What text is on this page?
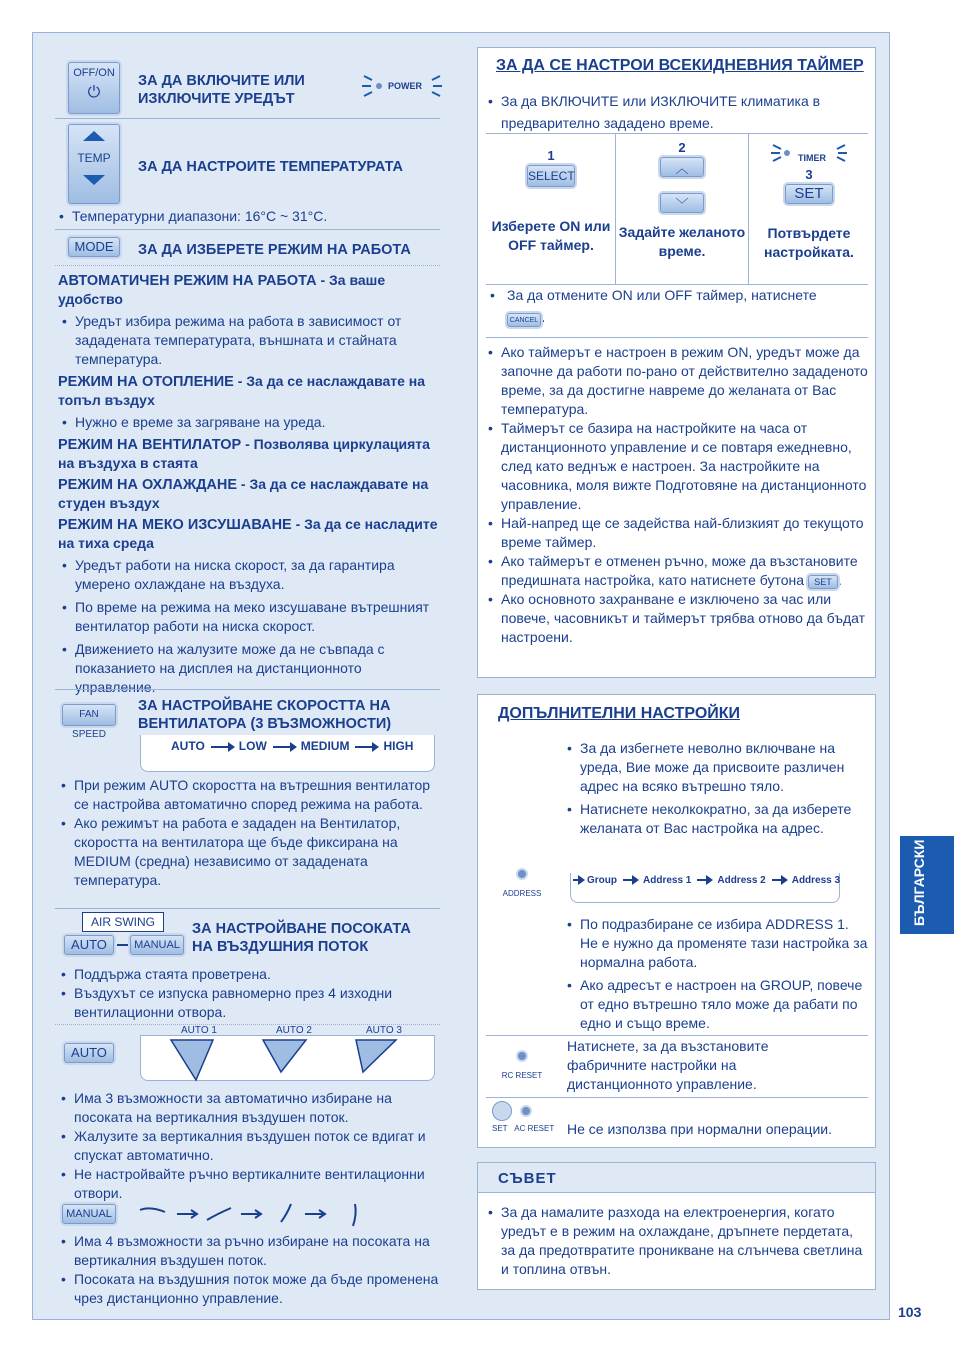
OFF/ON
⏻
ЗА ДА ВКЛЮЧИТЕ ИЛИ ИЗКЛЮЧИТЕ УРЕДЪТ
POWER
TEMP
ЗА ДА НАСТРОИТЕ ТЕМПЕРАТУРАТА
• Температурни диапазони: 16°C ~ 31°C.
MODE	ЗА ДА ИЗБЕРЕТЕ РЕЖИМ НА РАБОТА
АВТОМАТИЧЕН РЕЖИМ НА РАБОТА - За ваше удобство
• Уредът избира режима на работа в зависимост от зададената температурата, външната и стайната температура.
РЕЖИМ НА ОТОПЛЕНИЕ - За да се наслаждавате на топъл въздух
• Нужно е време за загряване на уреда.
РЕЖИМ НА ВЕНТИЛАТОР - Позволява циркулацията на въздуха в стаята
РЕЖИМ НА ОХЛАЖДАНЕ - За да се наслаждавате на студен въздух
РЕЖИМ НА МЕКО ИЗСУШАВАНЕ - За да се насладите на тиха среда
• Уредът работи на ниска скорост, за да гарантира умерено охлаждане на въздуха.
• По време на режима на меко изсушаване вътрешният вентилатор работи на ниска скорост.
• Движението на жалузите може да не съвпада с показанието на дисплея на дистанционното управление.
FAN SPEED
ЗА НАСТРОЙВАНЕ СКОРОСТТА НА ВЕНТИЛАТОРА (3 ВЪЗМОЖНОСТИ)
AUTO	LOW	MEDIUM	HIGH
• При режим AUTO скоростта на вътрешния вентилатор се настройва автоматично според режима на работа.
• Ако режимът на работа е зададен на Вентилатор, скоростта на вентилатора ще бъде фиксирана на MEDIUM (средна) независимо от зададената температура.
AIR SWING
AUTO	MANUAL
ЗА НАСТРОЙВАНЕ ПОСОКАТА НА ВЪЗДУШНИЯ ПОТОК
• Поддържа стаята проветрена.
• Въздухът се изпуска равномерно през 4 изходни вентилационни отвора.
AUTO
AUTO 1	AUTO 2	AUTO 3
• Има 3 възможности за автоматично избиране на посоката на вертикалния въздушен поток.
• Жалузите за вертикалния въздушен поток се вдигат и спускат автоматично.
• Не настройвайте ръчно вертикалните вентилационни отвори.
MANUAL
• Има 4 възможности за ръчно избиране на посоката на вертикалния въздушен поток.
• Посоката на въздушния поток може да бъде променена чрез дистанционно управление.
ЗА ДА СЕ НАСТРОИ ВСЕКИДНЕВНИЯ ТАЙМЕР
• За да ВКЛЮЧИТЕ или ИЗКЛЮЧИТЕ климатика в предварително зададено време.
1
SELECT
Изберете ON или OFF таймер.
2
︿
﹀
Задайте желаното време.
TIMER
3
SET
Потвърдете настройката.
• За да отмените ON или OFF таймер, натиснете
CANCEL .
• Ако таймерът е настроен в режим ON, уредът може да започне да работи по-рано от действително зададеното време, за да достигне навреме до желаната от Вас температура.
• Таймерът се базира на настройките на часа от дистанционното управление и се повтаря ежедневно, след като веднъж е настроен. За настройките на часовника, моля вижте Подготовяне на дистанционното управление.
• Най-напред ще се задейства най-близкият до текущото време таймер.
• Ако таймерът е отменен ръчно, може да възстановите предишната настройка, като натиснете бутона SET .
• Ако основното захранване е изключено за час или повече, часовникът и таймерът трябва отново да бъдат настроени.
ДОПЪЛНИТЕЛНИ НАСТРОЙКИ
• За да избегнете неволно включване на уреда, Вие може да присвоите различен адрес на всяко вътрешно тяло.
• Натиснете неколкократно, за да изберете желаната от Вас настройка на адрес.
ADDRESS
Group	Address 1	Address 2	Address 3
• По подразбиране се избира ADDRESS 1. Не е нужно да променяте тази настройка за нормална работа.
• Ако адресът е настроен на GROUP, повече от едно вътрешно тяло може да рабати по едно и също време.
RC RESET
Натиснете, за да възстановите фабричните настройки на дистанционното управление.

SET AC RESET Не се използва при нормални операции.
СЪВЕТ
• За да намалите разхода на електроенергия, когато уредът е в режим на охлаждане, дръпнете пердетата, за да предотвратите проникване на слънчева светлина и топлина отвън.
БЪЛГАРСКИ
103
